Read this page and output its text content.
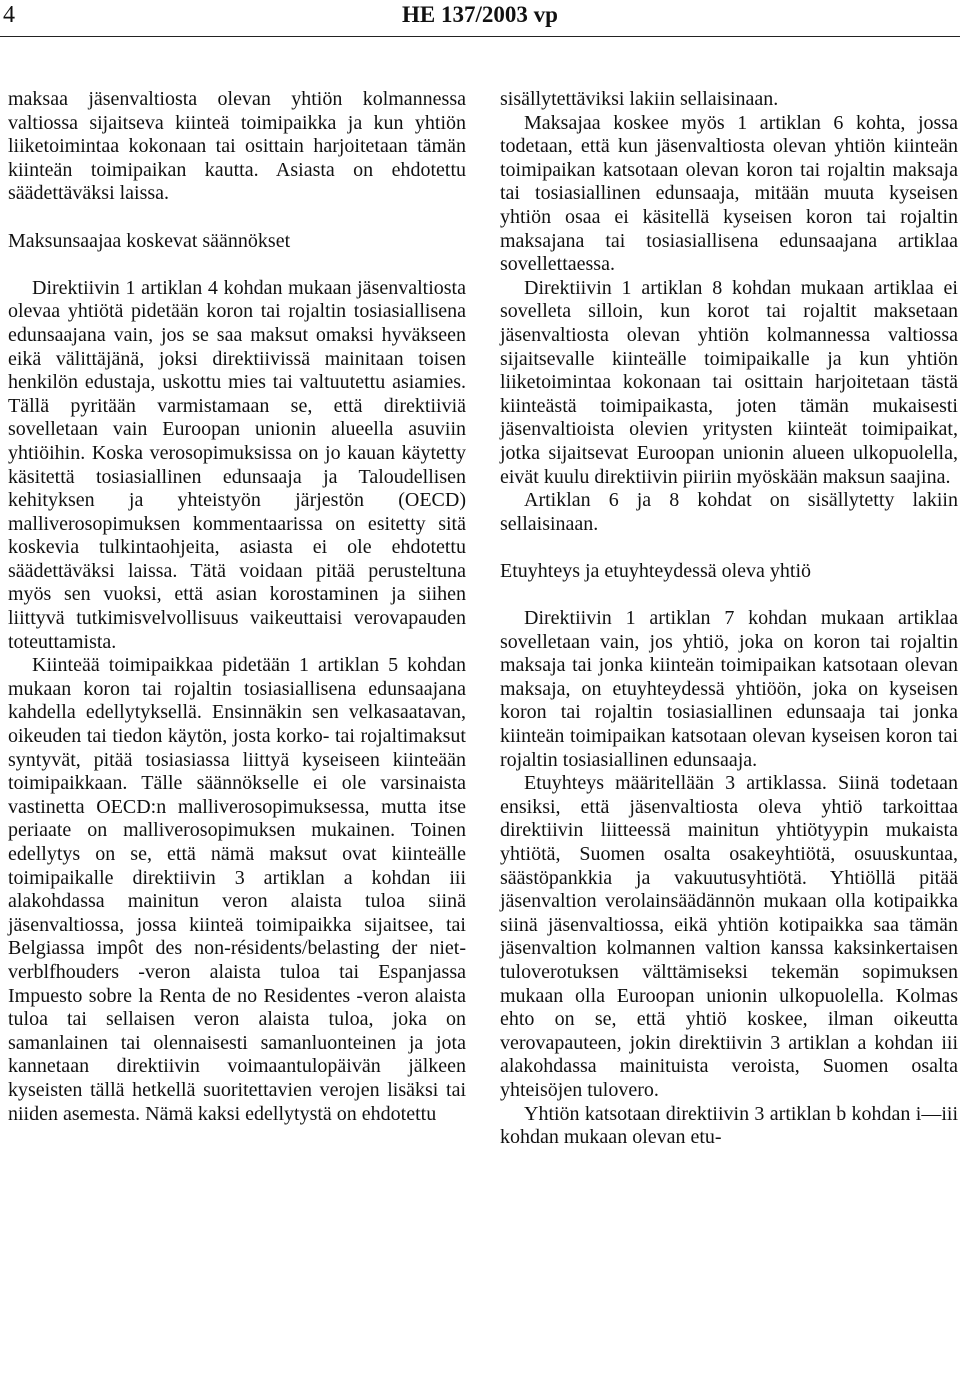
4	HE 137/2003 vp

maksaa jäsenvaltiosta olevan yhtiön kolmannessa valtiossa sijaitseva kiinteä toimipaikka ja kun yhtiön liiketoimintaa kokonaan tai osittain harjoitetaan tämän kiinteän toimipaikan kautta. Asiasta on ehdotettu säädettäväksi laissa.

Maksunsaajaa koskevat säännökset

Direktiivin 1 artiklan 4 kohdan mukaan jäsenvaltiosta olevaa yhtiötä pidetään koron tai rojaltin tosiasiallisena edunsaajana vain, jos se saa maksut omaksi hyväkseen eikä välittäjänä, joksi direktiivissä mainitaan toisen henkilön edustaja, uskottu mies tai valtuutettu asiamies. Tällä pyritään varmistamaan se, että direktiiviä sovelletaan vain Euroopan unionin alueella asuviin yhtiöihin. Koska verosopimuksissa on jo kauan käytetty käsitettä tosiasiallinen edunsaaja ja Taloudellisen kehityksen ja yhteistyön järjestön (OECD) malliverosopimuksen kommentaarissa on esitetty sitä koskevia tulkintaohjeita, asiasta ei ole ehdotettu säädettäväksi laissa. Tätä voidaan pitää perusteltuna myös sen vuoksi, että asian korostaminen ja siihen liittyvä tutkimisvelvollisuus vaikeuttaisi verovapauden toteuttamista.

Kiinteää toimipaikkaa pidetään 1 artiklan 5 kohdan mukaan koron tai rojaltin tosiasiallisena edunsaajana kahdella edellytyksellä. Ensinnäkin sen velkasaatavan, oikeuden tai tiedon käytön, josta korko- tai rojaltimaksut syntyvät, pitää tosiasiassa liittyä kyseiseen kiinteään toimipaikkaan. Tälle säännökselle ei ole varsinaista vastinetta OECD:n malliverosopimuksessa, mutta itse periaate on malliverosopimuksen mukainen. Toinen edellytys on se, että nämä maksut ovat kiinteälle toimipaikalle direktiivin 3 artiklan a kohdan iii alakohdassa mainitun veron alaista tuloa siinä jäsenvaltiossa, jossa kiinteä toimipaikka sijaitsee, tai Belgiassa impôt des non-résidents/belasting der niet-verblfhouders -veron alaista tuloa tai Espanjassa Impuesto sobre la Renta de no Residentes -veron alaista tuloa tai sellaisen veron alaista tuloa, joka on samanlainen tai olennaisesti samanluonteinen ja jota kannetaan direktiivin voimaantulopäivän jälkeen kyseisten tällä hetkellä suoritettavien verojen lisäksi tai niiden asemesta. Nämä kaksi edellytystä on ehdotettu

sisällytettäviksi lakiin sellaisinaan.

Maksajaa koskee myös 1 artiklan 6 kohta, jossa todetaan, että kun jäsenvaltiosta olevan yhtiön kiinteän toimipaikan katsotaan olevan koron tai rojaltin maksaja tai tosiasiallinen edunsaaja, mitään muuta kyseisen yhtiön osaa ei käsitellä kyseisen koron tai rojaltin maksajana tai tosiasiallisena edunsaajana artiklaa sovellettaessa.

Direktiivin 1 artiklan 8 kohdan mukaan artiklaa ei sovelleta silloin, kun korot tai rojaltit maksetaan jäsenvaltiosta olevan yhtiön kolmannessa valtiossa sijaitsevalle kiinteälle toimipaikalle ja kun yhtiön liiketoimintaa kokonaan tai osittain harjoitetaan tästä kiinteästä toimipaikasta, joten tämän mukaisesti jäsenvaltioista olevien yritysten kiinteät toimipaikat, jotka sijaitsevat Euroopan unionin alueen ulkopuolella, eivät kuulu direktiivin piiriin myöskään maksun saajina.

Artiklan 6 ja 8 kohdat on sisällytetty lakiin sellaisinaan.

Etuyhteys ja etuyhteydessä oleva yhtiö

Direktiivin 1 artiklan 7 kohdan mukaan artiklaa sovelletaan vain, jos yhtiö, joka on koron tai rojaltin maksaja tai jonka kiinteän toimipaikan katsotaan olevan maksaja, on etuyhteydessä yhtiöön, joka on kyseisen koron tai rojaltin tosiasiallinen edunsaaja tai jonka kiinteän toimipaikan katsotaan olevan kyseisen koron tai rojaltin tosiasiallinen edunsaaja.

Etuyhteys määritellään 3 artiklassa. Siinä todetaan ensiksi, että jäsenvaltiosta oleva yhtiö tarkoittaa direktiivin liitteessä mainitun yhtiötyypin mukaista yhtiötä, Suomen osalta osakeyhtiötä, osuuskuntaa, säästöpankkia ja vakuutusyhtiötä. Yhtiöllä pitää jäsenvaltion verolainsäädännön mukaan olla kotipaikka siinä jäsenvaltiossa, eikä yhtiön kotipaikka saa tämän jäsenvaltion kolmannen valtion kanssa kaksinkertaisen tuloverotuksen välttämiseksi tekemän sopimuksen mukaan olla Euroopan unionin ulkopuolella. Kolmas ehto on se, että yhtiö koskee, ilman oikeutta verovapauteen, jokin direktiivin 3 artiklan a kohdan iii alakohdassa mainituista veroista, Suomen osalta yhteisöjen tulovero.

Yhtiön katsotaan direktiivin 3 artiklan b kohdan i—iii kohdan mukaan olevan etu-
